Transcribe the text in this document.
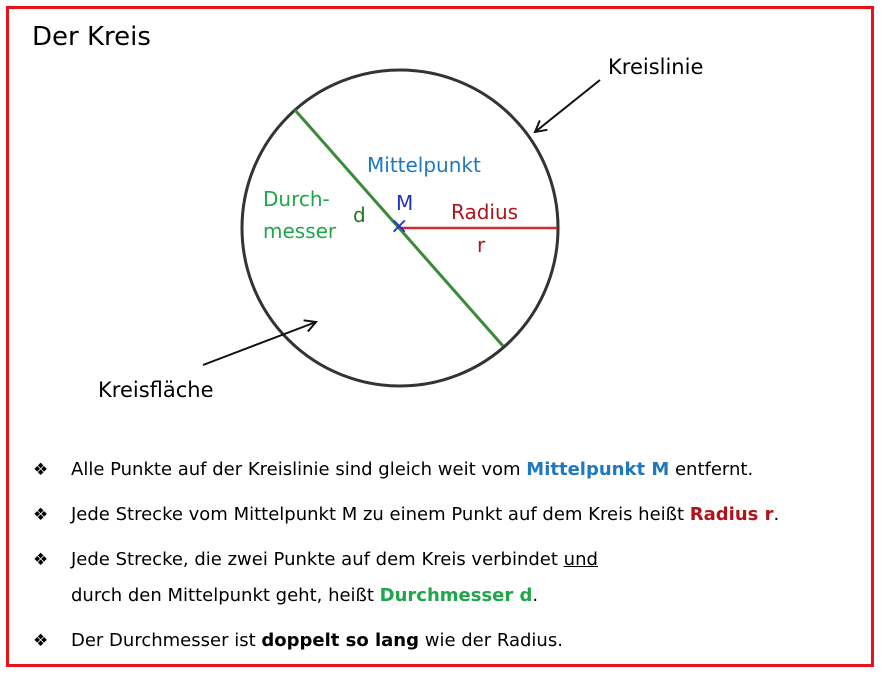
Der Kreis
×
Kreislinie
Kreisfläche
Mittelpunkt
M Radius
r
Durch-
messer
d
❖ Alle Punkte auf der Kreislinie sind gleich weit vom Mittelpunkt M entfernt.
❖ Jede Strecke vom Mittelpunkt M zu einem Punkt auf dem Kreis heißt Radius r.
❖ Jede Strecke, die zwei Punkte auf dem Kreis verbindet und
durch den Mittelpunkt geht, heißt Durchmesser d.
❖ Der Durchmesser ist doppelt so lang wie der Radius.
